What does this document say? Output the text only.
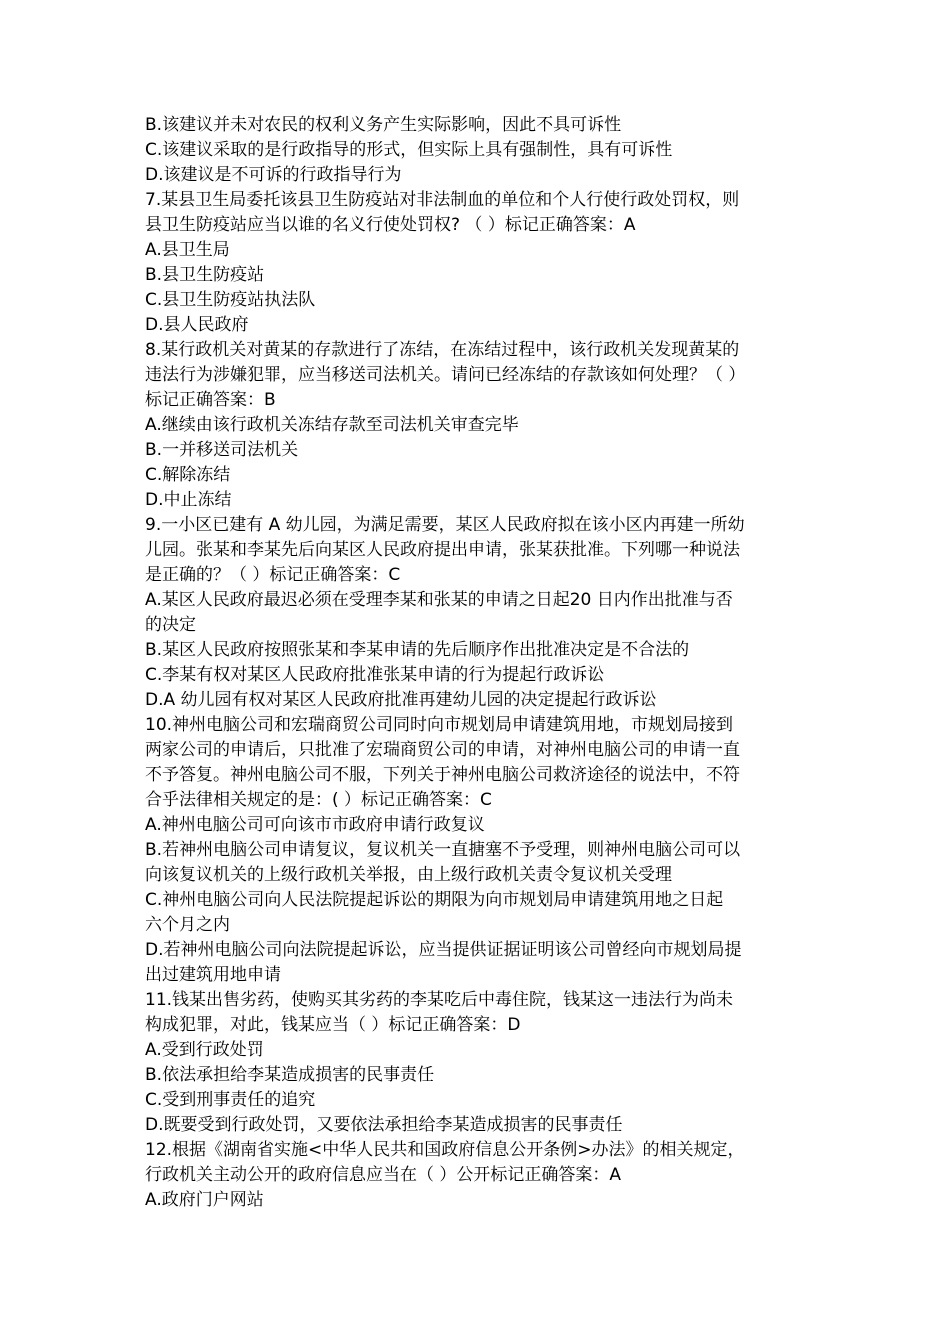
B.该建议并未对农民的权利义务产生实际影响，因此不具可诉性
C.该建议采取的是行政指导的形式，但实际上具有强制性，具有可诉性
D.该建议是不可诉的行政指导行为
7.某县卫生局委托该县卫生防疫站对非法制血的单位和个人行使行政处罚权，则
县卫生防疫站应当以谁的名义行使处罚权? （ ）标记正确答案：A
A.县卫生局
B.县卫生防疫站
C.县卫生防疫站执法队
D.县人民政府
8.某行政机关对黄某的存款进行了冻结，在冻结过程中，该行政机关发现黄某的
违法行为涉嫌犯罪，应当移送司法机关。请问已经冻结的存款该如何处理？（ ）
标记正确答案：B
A.继续由该行政机关冻结存款至司法机关审查完毕
B.一并移送司法机关
C.解除冻结
D.中止冻结
9.一小区已建有 A 幼儿园，为满足需要，某区人民政府拟在该小区内再建一所幼
儿园。张某和李某先后向某区人民政府提出申请，张某获批准。下列哪一种说法
是正确的？（ ）标记正确答案：C
A.某区人民政府最迟必须在受理李某和张某的申请之日起20 日内作出批准与否
的决定
B.某区人民政府按照张某和李某申请的先后顺序作出批准决定是不合法的
C.李某有权对某区人民政府批准张某申请的行为提起行政诉讼
D.A 幼儿园有权对某区人民政府批准再建幼儿园的决定提起行政诉讼
10.神州电脑公司和宏瑞商贸公司同时向市规划局申请建筑用地，市规划局接到
两家公司的申请后，只批准了宏瑞商贸公司的申请，对神州电脑公司的申请一直
不予答复。神州电脑公司不服，下列关于神州电脑公司救济途径的说法中，不符
合乎法律相关规定的是：( ）标记正确答案：C
A.神州电脑公司可向该市市政府申请行政复议
B.若神州电脑公司申请复议，复议机关一直搪塞不予受理，则神州电脑公司可以
向该复议机关的上级行政机关举报，由上级行政机关责令复议机关受理
C.神州电脑公司向人民法院提起诉讼的期限为向市规划局申请建筑用地之日起
六个月之内
D.若神州电脑公司向法院提起诉讼，应当提供证据证明该公司曾经向市规划局提
出过建筑用地申请
11.钱某出售劣药，使购买其劣药的李某吃后中毒住院，钱某这一违法行为尚未
构成犯罪，对此，钱某应当（ ）标记正确答案：D
A.受到行政处罚
B.依法承担给李某造成损害的民事责任
C.受到刑事责任的追究
D.既要受到行政处罚，又要依法承担给李某造成损害的民事责任
12.根据《湖南省实施<中华人民共和国政府信息公开条例>办法》的相关规定，
行政机关主动公开的政府信息应当在（ ）公开标记正确答案：A
A.政府门户网站
